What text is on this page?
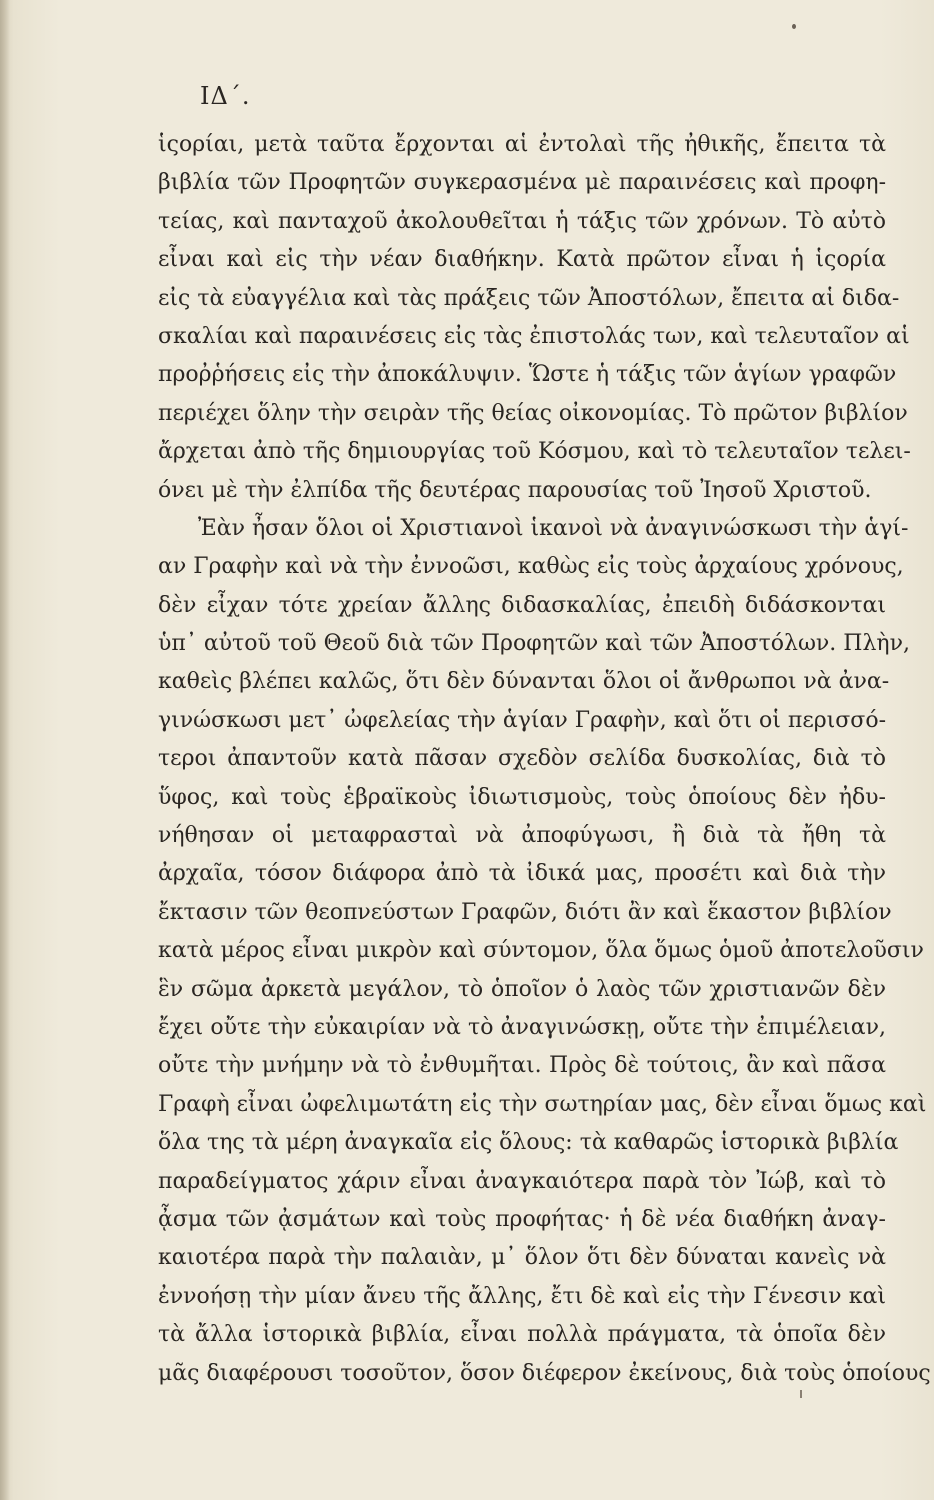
ΙΔ΄.
ἱςορίαι, μετὰ ταῦτα ἔρχονται αἱ ἐντολαὶ τῆς ἠθικῆς, ἔπειτα τὰ
βιβλία τῶν Προφητῶν συγκερασμένα μὲ παραινέσεις καὶ προφη-
τείας, καὶ πανταχοῦ ἀκολουθεῖται ἡ τάξις τῶν χρόνων. Τὸ αὐτὸ
εἶναι καὶ εἰς τὴν νέαν διαθήκην. Κατὰ πρῶτον εἶναι ἡ ἱςορία
εἰς τὰ εὐαγγέλια καὶ τὰς πράξεις τῶν Ἀποστόλων, ἔπειτα αἱ διδα-
σκαλίαι καὶ παραινέσεις εἰς τὰς ἐπιστολάς των, καὶ τελευταῖον αἱ
προῤῥήσεις εἰς τὴν ἀποκάλυψιν. Ὥστε ἡ τάξις τῶν ἁγίων γραφῶν
περιέχει ὅλην τὴν σειρὰν τῆς θείας οἰκονομίας. Τὸ πρῶτον βιβλίον
ἄρχεται ἀπὸ τῆς δημιουργίας τοῦ Κόσμου, καὶ τὸ τελευταῖον τελει-
όνει μὲ τὴν ἐλπίδα τῆς δευτέρας παρουσίας τοῦ Ἰησοῦ Χριστοῦ.
Ἐὰν ἦσαν ὅλοι οἱ Χριστιανοὶ ἱκανοὶ νὰ ἀναγινώσκωσι τὴν ἁγί-
αν Γραφὴν καὶ νὰ τὴν ἐννοῶσι, καθὼς εἰς τοὺς ἀρχαίους χρόνους,
δὲν εἶχαν τότε χρείαν ἄλλης διδασκαλίας, ἐπειδὴ διδάσκονται
ὑπ᾽ αὐτοῦ τοῦ Θεοῦ διὰ τῶν Προφητῶν καὶ τῶν Ἀποστόλων. Πλὴν,
καθεὶς βλέπει καλῶς, ὅτι δὲν δύνανται ὅλοι οἱ ἄνθρωποι νὰ ἀνα-
γινώσκωσι μετ᾽ ὠφελείας τὴν ἁγίαν Γραφὴν, καὶ ὅτι οἱ περισσό-
τεροι ἀπαντοῦν κατὰ πᾶσαν σχεδὸν σελίδα δυσκολίας, διὰ τὸ
ὕφος, καὶ τοὺς ἑβραϊκοὺς ἰδιωτισμοὺς, τοὺς ὁποίους δὲν ἠδυ-
νήθησαν οἱ μεταφρασταὶ νὰ ἀποφύγωσι, ἢ διὰ τὰ ἤθη τὰ
ἀρχαῖα, τόσον διάφορα ἀπὸ τὰ ἰδικά μας, προσέτι καὶ διὰ τὴν
ἔκτασιν τῶν θεοπνεύστων Γραφῶν, διότι ἂν καὶ ἕκαστον βιβλίον
κατὰ μέρος εἶναι μικρὸν καὶ σύντομον, ὅλα ὅμως ὁμοῦ ἀποτελοῦσιν
ἓν σῶμα ἀρκετὰ μεγάλον, τὸ ὁποῖον ὁ λαὸς τῶν χριστιανῶν δὲν
ἔχει οὔτε τὴν εὐκαιρίαν νὰ τὸ ἀναγινώσκῃ, οὔτε τὴν ἐπιμέλειαν,
οὔτε τὴν μνήμην νὰ τὸ ἐνθυμῆται. Πρὸς δὲ τούτοις, ἂν καὶ πᾶσα
Γραφὴ εἶναι ὠφελιμωτάτη εἰς τὴν σωτηρίαν μας, δὲν εἶναι ὅμως καὶ
ὅλα της τὰ μέρη ἀναγκαῖα εἰς ὅλους: τὰ καθαρῶς ἱστορικὰ βιβλία
παραδείγματος χάριν εἶναι ἀναγκαιότερα παρὰ τὸν Ἰώβ, καὶ τὸ
ᾆσμα τῶν ᾀσμάτων καὶ τοὺς προφήτας· ἡ δὲ νέα διαθήκη ἀναγ-
καιοτέρα παρὰ τὴν παλαιὰν, μ᾽ ὅλον ὅτι δὲν δύναται κανεὶς νὰ
ἐννοήσῃ τὴν μίαν ἄνευ τῆς ἄλλης, ἔτι δὲ καὶ εἰς τὴν Γένεσιν καὶ
τὰ ἄλλα ἱστορικὰ βιβλία, εἶναι πολλὰ πράγματα, τὰ ὁποῖα δὲν
μᾶς διαφέρουσι τοσοῦτον, ὅσον διέφερον ἐκείνους, διὰ τοὺς ὁποίους
